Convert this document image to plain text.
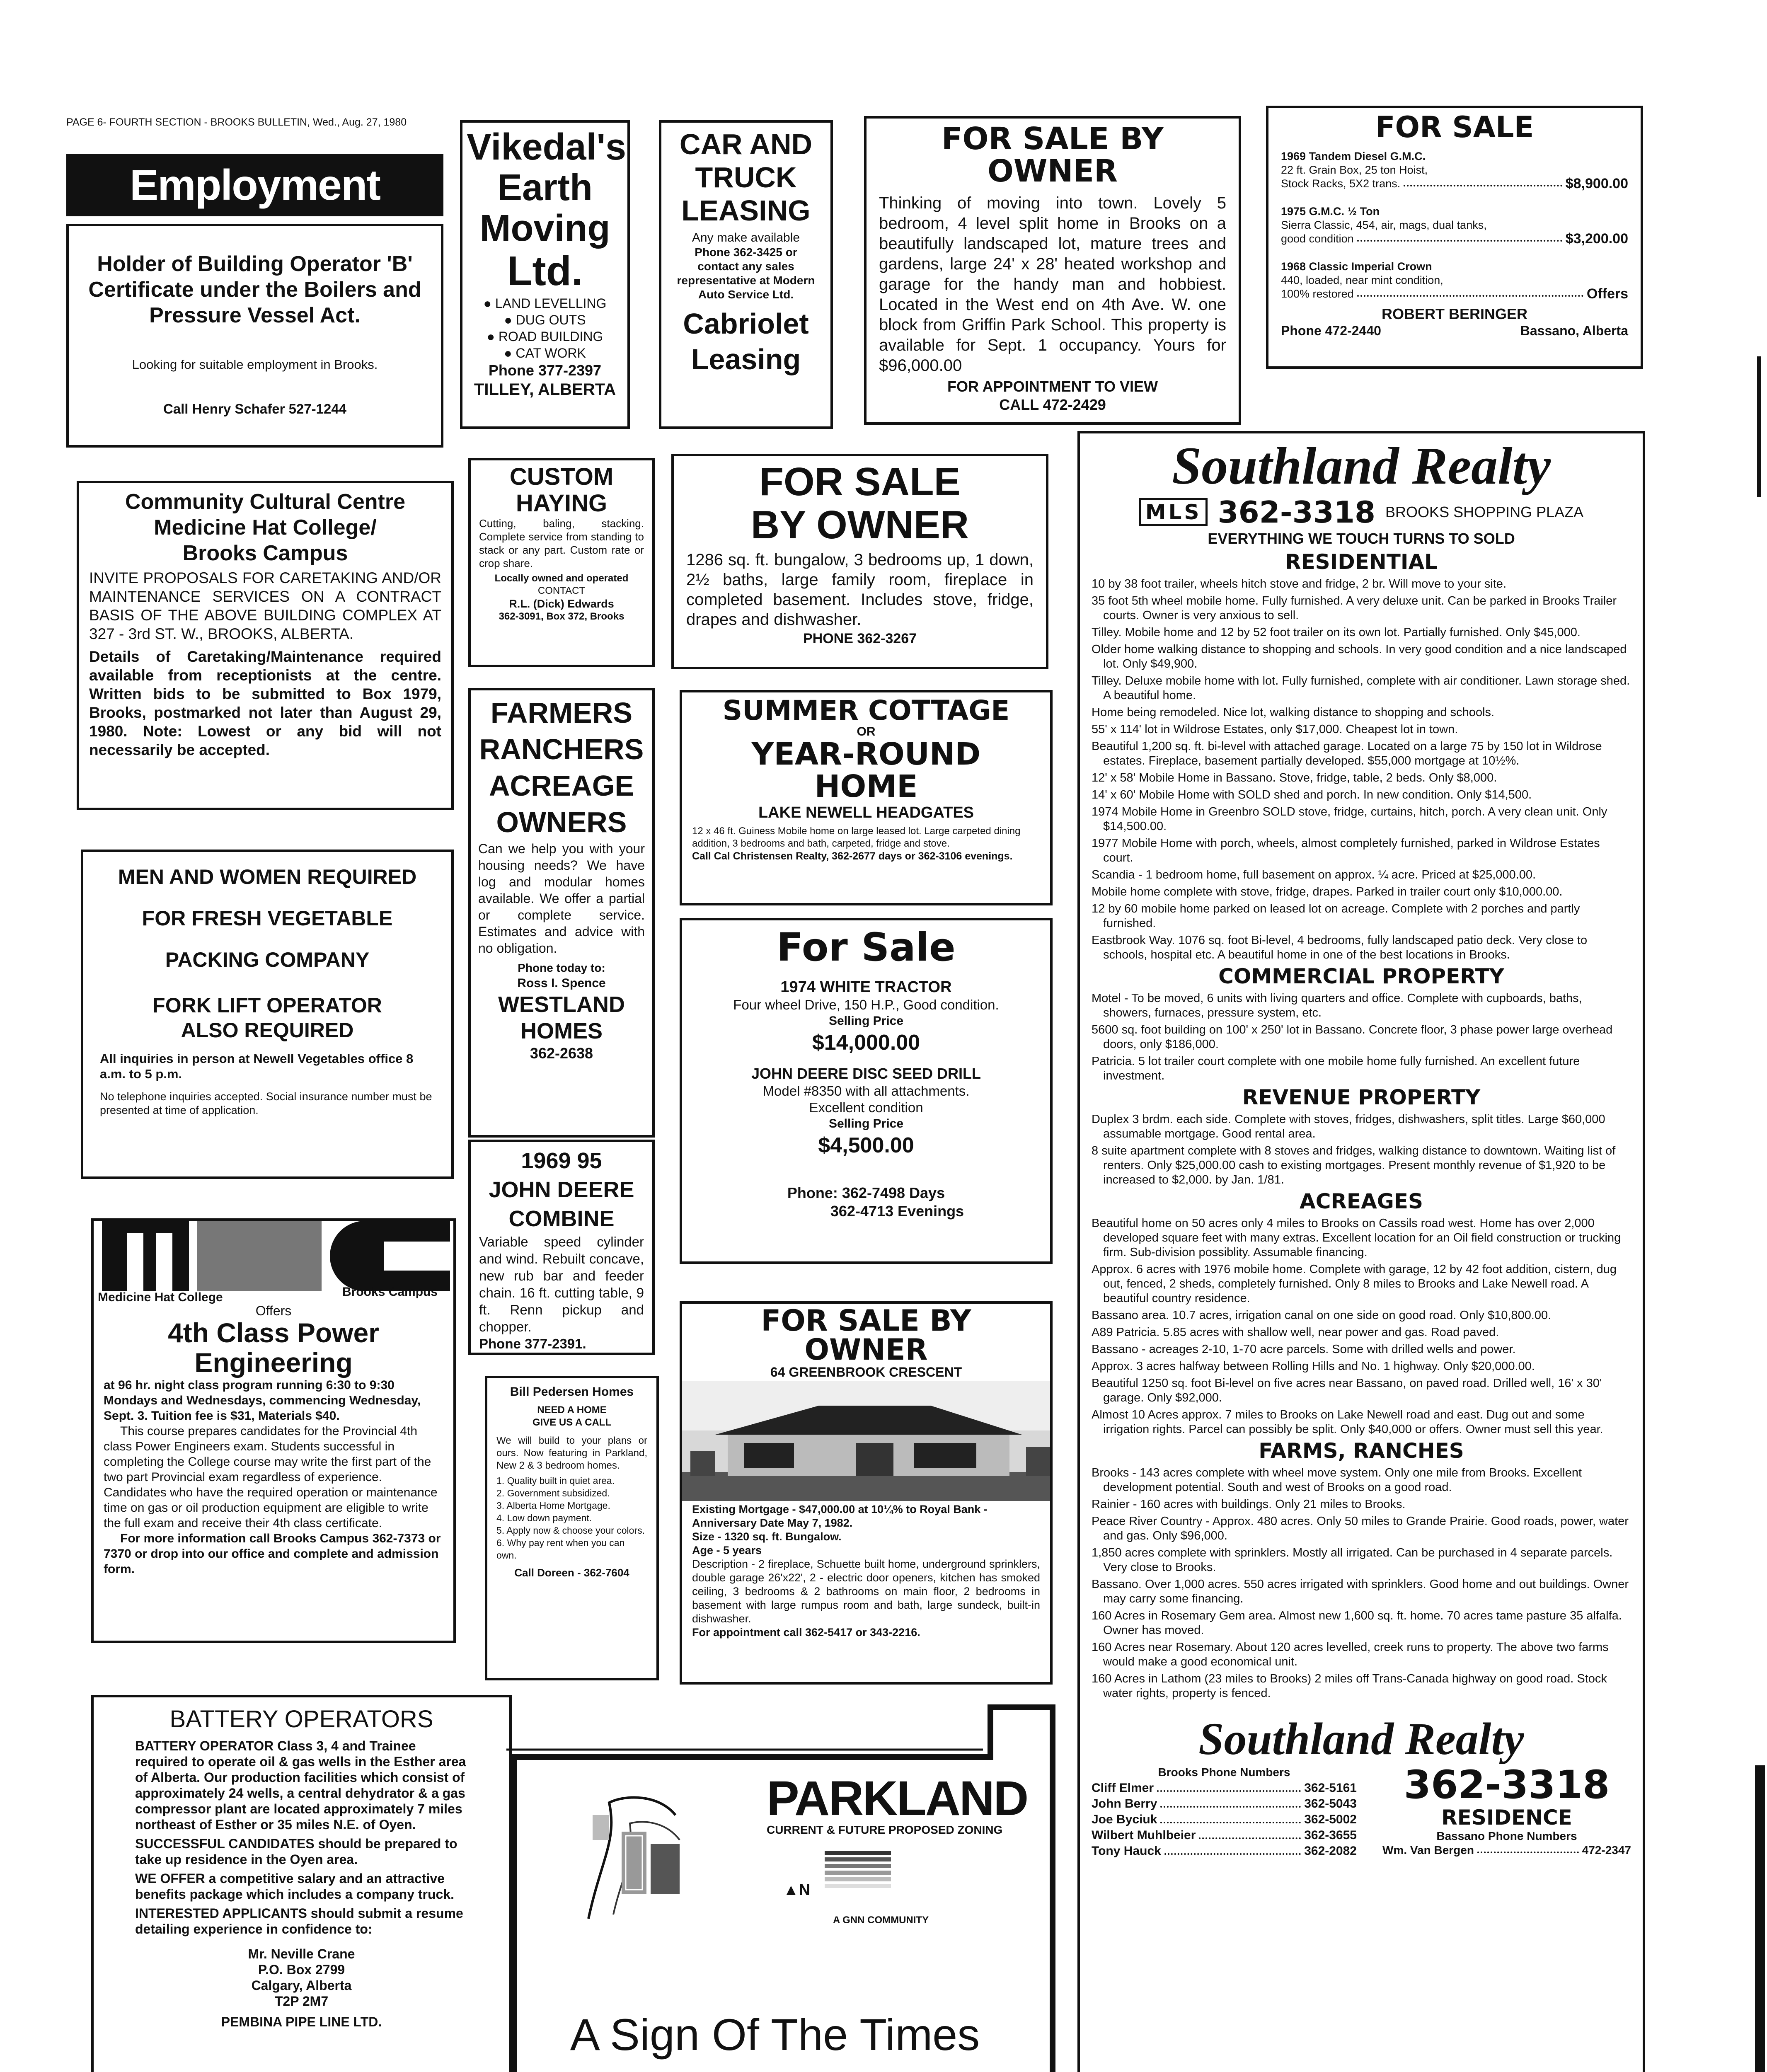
PAGE 6- FOURTH SECTION - BROOKS BULLETIN, Wed., Aug. 27, 1980
Employment
Holder of Building Operator 'B' Certificate under the Boilers and Pressure Vessel Act.
Looking for suitable employment in Brooks.
Call Henry Schafer 527-1244
Vikedal's
Earth
Moving
Ltd.
● LAND LEVELLING
● DUG OUTS
● ROAD BUILDING
● CAT WORK
Phone 377-2397
TILLEY, ALBERTA
CAR AND
TRUCK
LEASING
Any make available
Phone 362-3425 or contact any sales representative at Modern Auto Service Ltd.
Cabriolet
Leasing
FOR SALE BY
OWNER
Thinking of moving into town. Lovely 5 bedroom, 4 level split home in Brooks on a beautifully landscaped lot, mature trees and gardens, large 24' x 28' heated workshop and garage for the handy man and hobbiest. Located in the West end on 4th Ave. W. one block from Griffin Park School. This property is available for Sept. 1 occupancy. Yours for $96,000.00
FOR APPOINTMENT TO VIEW
CALL 472-2429
FOR SALE
1969 Tandem Diesel G.M.C.
22 ft. Grain Box, 25 ton Hoist,
Stock Racks, 5X2 trans.	$8,900.00
1975 G.M.C. ½ Ton
Sierra Classic, 454, air, mags, dual tanks,
good condition	$3,200.00
1968 Classic Imperial Crown
440, loaded, near mint condition,
100% restored	Offers
ROBERT BERINGER
Phone 472-2440	Bassano, Alberta
Community Cultural Centre
Medicine Hat College/
Brooks Campus
INVITE PROPOSALS FOR CARETAKING AND/OR MAINTENANCE SERVICES ON A CONTRACT BASIS OF THE ABOVE BUILDING COMPLEX AT 327 - 3rd ST. W., BROOKS, ALBERTA.
Details of Caretaking/Maintenance required available from receptionists at the centre. Written bids to be submitted to Box 1979, Brooks, postmarked not later than August 29, 1980. Note: Lowest or any bid will not necessarily be accepted.
CUSTOM
HAYING
Cutting, baling, stacking. Complete service from standing to stack or any part. Custom rate or crop share.
Locally owned and operated
CONTACT
R.L. (Dick) Edwards
362-3091, Box 372, Brooks
FOR SALE
BY OWNER
1286 sq. ft. bungalow, 3 bedrooms up, 1 down, 2½ baths, large family room, fireplace in completed basement. Includes stove, fridge, drapes and dishwasher.
PHONE 362-3267
MEN AND WOMEN REQUIRED
FOR FRESH VEGETABLE
PACKING COMPANY
FORK LIFT OPERATOR
ALSO REQUIRED
All inquiries in person at Newell Vegetables office 8 a.m. to 5 p.m.
No telephone inquiries accepted. Social insurance number must be presented at time of application.
FARMERS
RANCHERS
ACREAGE
OWNERS
Can we help you with your housing needs? We have log and modular homes available. We offer a partial or complete service. Estimates and advice with no obligation.
Phone today to:
Ross I. Spence
WESTLAND
HOMES
362-2638
SUMMER COTTAGE
OR
YEAR-ROUND
HOME
LAKE NEWELL HEADGATES
12 x 46 ft. Guiness Mobile home on large leased lot. Large carpeted dining addition, 3 bedrooms and bath, carpeted, fridge and stove.
Call Cal Christensen Realty, 362-2677 days or 362-3106 evenings.
For Sale
1974 WHITE TRACTOR
Four wheel Drive, 150 H.P., Good condition.
Selling Price
$14,000.00
JOHN DEERE DISC SEED DRILL
Model #8350 with all attachments.
Excellent condition
Selling Price
$4,500.00
Phone: 362-7498 Days
362-4713 Evenings
1969 95
JOHN DEERE
COMBINE
Variable speed cylinder and wind. Rebuilt concave, new rub bar and feeder chain. 16 ft. cutting table, 9 ft. Renn pickup and chopper.
Phone 377-2391.
Medicine Hat College	Brooks Campus
Offers
4th Class Power
Engineering
at 96 hr. night class program running 6:30 to 9:30 Mondays and Wednesdays, commencing Wednesday, Sept. 3. Tuition fee is $31, Materials $40.
This course prepares candidates for the Provincial 4th class Power Engineers exam. Students successful in completing the College course may write the first part of the two part Provincial exam regardless of experience. Candidates who have the required operation or maintenance time on gas or oil production equipment are eligible to write the full exam and receive their 4th class certificate.
For more information call Brooks Campus 362-7373 or 7370 or drop into our office and complete and admission form.
Bill Pedersen Homes
NEED A HOME
GIVE US A CALL
We will build to your plans or ours. Now featuring in Parkland, New 2 & 3 bedroom homes.
1. Quality built in quiet area.
2. Government subsidized.
3. Alberta Home Mortgage.
4. Low down payment.
5. Apply now & choose your colors.
6. Why pay rent when you can own.
Call Doreen - 362-7604
FOR SALE BY
OWNER
64 GREENBROOK CRESCENT
Existing Mortgage - $47,000.00 at 10¼% to Royal Bank - Anniversary Date May 7, 1982.
Size - 1320 sq. ft. Bungalow.
Age - 5 years
Description - 2 fireplace, Schuette built home, underground sprinklers, double garage 26'x22', 2 - electric door openers, kitchen has smoked ceiling, 3 bedrooms & 2 bathrooms on main floor, 2 bedrooms in basement with large rumpus room and bath, large sundeck, built-in dishwasher.
For appointment call 362-5417 or 343-2216.
Southland Realty
MLS 362-3318 BROOKS SHOPPING PLAZA
EVERYTHING WE TOUCH TURNS TO SOLD
RESIDENTIAL
10 by 38 foot trailer, wheels hitch stove and fridge, 2 br. Will move to your site.
35 foot 5th wheel mobile home. Fully furnished. A very deluxe unit. Can be parked in Brooks Trailer courts. Owner is very anxious to sell.
Tilley. Mobile home and 12 by 52 foot trailer on its own lot. Partially furnished. Only $45,000.
Older home walking distance to shopping and schools. In very good condition and a nice landscaped lot. Only $49,900.
Tilley. Deluxe mobile home with lot. Fully furnished, complete with air conditioner. Lawn storage shed. A beautiful home.
Home being remodeled. Nice lot, walking distance to shopping and schools.
55' x 114' lot in Wildrose Estates, only $17,000. Cheapest lot in town.
Beautiful 1,200 sq. ft. bi-level with attached garage. Located on a large 75 by 150 lot in Wildrose estates. Fireplace, basement partially developed. $55,000 mortgage at 10½%.
12' x 58' Mobile Home in Bassano. Stove, fridge, table, 2 beds. Only $8,000.
14' x 60' Mobile Home with SOLD shed and porch. In new condition. Only $14,500.
1974 Mobile Home in Greenbro SOLD stove, fridge, curtains, hitch, porch. A very clean unit. Only $14,500.00.
1977 Mobile Home with porch, wheels, almost completely furnished, parked in Wildrose Estates court.
Scandia - 1 bedroom home, full basement on approx. ¼ acre. Priced at $25,000.00.
Mobile home complete with stove, fridge, drapes. Parked in trailer court only $10,000.00.
12 by 60 mobile home parked on leased lot on acreage. Complete with 2 porches and partly furnished.
Eastbrook Way. 1076 sq. foot Bi-level, 4 bedrooms, fully landscaped patio deck. Very close to schools, hospital etc. A beautiful home in one of the best locations in Brooks.
COMMERCIAL PROPERTY
Motel - To be moved, 6 units with living quarters and office. Complete with cupboards, baths, showers, furnaces, pressure system, etc.
5600 sq. foot building on 100' x 250' lot in Bassano. Concrete floor, 3 phase power large overhead doors, only $186,000.
Patricia. 5 lot trailer court complete with one mobile home fully furnished. An excellent future investment.
REVENUE PROPERTY
Duplex 3 brdm. each side. Complete with stoves, fridges, dishwashers, split titles. Large $60,000 assumable mortgage. Good rental area.
8 suite apartment complete with 8 stoves and fridges, walking distance to downtown. Waiting list of renters. Only $25,000.00 cash to existing mortgages. Present monthly revenue of $1,920 to be increased to $2,000. by Jan. 1/81.
ACREAGES
Beautiful home on 50 acres only 4 miles to Brooks on Cassils road west. Home has over 2,000 developed square feet with many extras. Excellent location for an Oil field construction or trucking firm. Sub-division possiblity. Assumable financing.
Approx. 6 acres with 1976 mobile home. Complete with garage, 12 by 42 foot addition, cistern, dug out, fenced, 2 sheds, completely furnished. Only 8 miles to Brooks and Lake Newell road. A beautiful country residence.
Bassano area. 10.7 acres, irrigation canal on one side on good road. Only $10,800.00.
A89 Patricia. 5.85 acres with shallow well, near power and gas. Road paved.
Bassano - acreages 2-10, 1-70 acre parcels. Some with drilled wells and power.
Approx. 3 acres halfway between Rolling Hills and No. 1 highway. Only $20,000.00.
Beautiful 1250 sq. foot Bi-level on five acres near Bassano, on paved road. Drilled well, 16' x 30' garage. Only $92,000.
Almost 10 Acres approx. 7 miles to Brooks on Lake Newell road and east. Dug out and some irrigation rights. Parcel can possibly be split. Only $40,000 or offers. Owner must sell this year.
FARMS, RANCHES
Brooks - 143 acres complete with wheel move system. Only one mile from Brooks. Excellent development potential. South and west of Brooks on a good road.
Rainier - 160 acres with buildings. Only 21 miles to Brooks.
Peace River Country - Approx. 480 acres. Only 50 miles to Grande Prairie. Good roads, power, water and gas. Only $96,000.
1,850 acres complete with sprinklers. Mostly all irrigated. Can be purchased in 4 separate parcels. Very close to Brooks.
Bassano. Over 1,000 acres. 550 acres irrigated with sprinklers. Good home and out buildings. Owner may carry some financing.
160 Acres in Rosemary Gem area. Almost new 1,600 sq. ft. home. 70 acres tame pasture 35 alfalfa. Owner has moved.
160 Acres near Rosemary. About 120 acres levelled, creek runs to property. The above two farms would make a good economical unit.
160 Acres in Lathom (23 miles to Brooks) 2 miles off Trans-Canada highway on good road. Stock water rights, property is fenced.
Southland Realty
Brooks Phone Numbers
Cliff Elmer	362-5161
John Berry	362-5043
Joe Byciuk	362-5002
Wilbert Muhlbeier	362-3655
Tony Hauck	362-2082
362-3318
RESIDENCE
Bassano Phone Numbers
Wm. Van Bergen	472-2347
BATTERY OPERATORS
BATTERY OPERATOR Class 3, 4 and Trainee required to operate oil & gas wells in the Esther area of Alberta. Our production facilities which consist of approximately 24 wells, a central dehydrator & a gas compressor plant are located approximately 7 miles northeast of Esther or 35 miles N.E. of Oyen.
SUCCESSFUL CANDIDATES should be prepared to take up residence in the Oyen area.
WE OFFER a competitive salary and an attractive benefits package which includes a company truck.
INTERESTED APPLICANTS should submit a resume detailing experience in confidence to:
Mr. Neville Crane
P.O. Box 2799
Calgary, Alberta
T2P 2M7
PEMBINA PIPE LINE LTD.
PARKLAND
CURRENT & FUTURE PROPOSED ZONING
▲N
A GNN COMMUNITY
A Sign Of The Times
